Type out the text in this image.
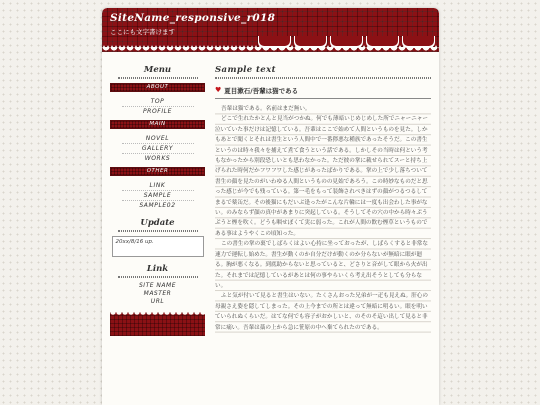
SiteName_responsive_r018
ここにも文字書けます
Menu
ABOUT
TOP
PROFILE
MAIN
NOVEL
GALLERY
WORKS
OTHER
LINK
SAMPLE
SAMPLE02
Update
20xx/8/16 up.
Link
SITE NAME
MASTER
URL
Sample text
♥ 夏目漱石/吾輩は猫である

吾輩は猫である。名前はまだ無い。

どこで生れたかとんと見当がつかぬ。何でも薄暗いじめじめした所でニャーニャー泣いていた事だけは記憶している。吾輩はここで始めて人間というものを見た。しかもあとで聞くとそれは書生という人間中で一番獰悪な種族であったそうだ。この書生というのは時々我々を捕えて煮て食うという話である。しかしその当時は何という考もなかったから別段恐しいとも思わなかった。ただ彼の掌に載せられてスーと持ち上げられた時何だかフワフワした感じがあったばかりである。掌の上で少し落ちついて書生の顔を見たのがいわゆる人間というものの見始であろう。この時妙なものだと思った感じが今でも残っている。第一毛をもって装飾されべきはずの顔がつるつるしてまるで薬缶だ。その後猫にもだいぶ逢ったがこんな片輪には一度も出会わした事がない。のみならず顔の真中があまりに突起している。そうしてその穴の中から時々ぷうぷうと煙を吹く。どうも咽せぽくて実に弱った。これが人間の飲む煙草というものである事はようやくこの頃知った。

この書生の掌の裏でしばらくはよい心持に坐っておったが、しばらくすると非常な速力で運転し始めた。書生が動くのか自分だけが動くのか分らないが無暗に眼が廻る。胸が悪くなる。到底助からないと思っていると、どさりと音がして眼から火が出た。それまでは記憶しているがあとは何の事やらいくら考え出そうとしても分らない。

ふと気が付いて見ると書生はいない。たくさんおった兄弟が一疋も見えぬ。肝心の母親さえ姿を隠してしまった。その上今までの所とは違って無暗に明るい。眼を明いていられぬくらいだ。はてな何でも容子がおかしいと、のそのそ這い出して見ると非常に痛い。吾輩は藁の上から急に笹原の中へ棄てられたのである。
